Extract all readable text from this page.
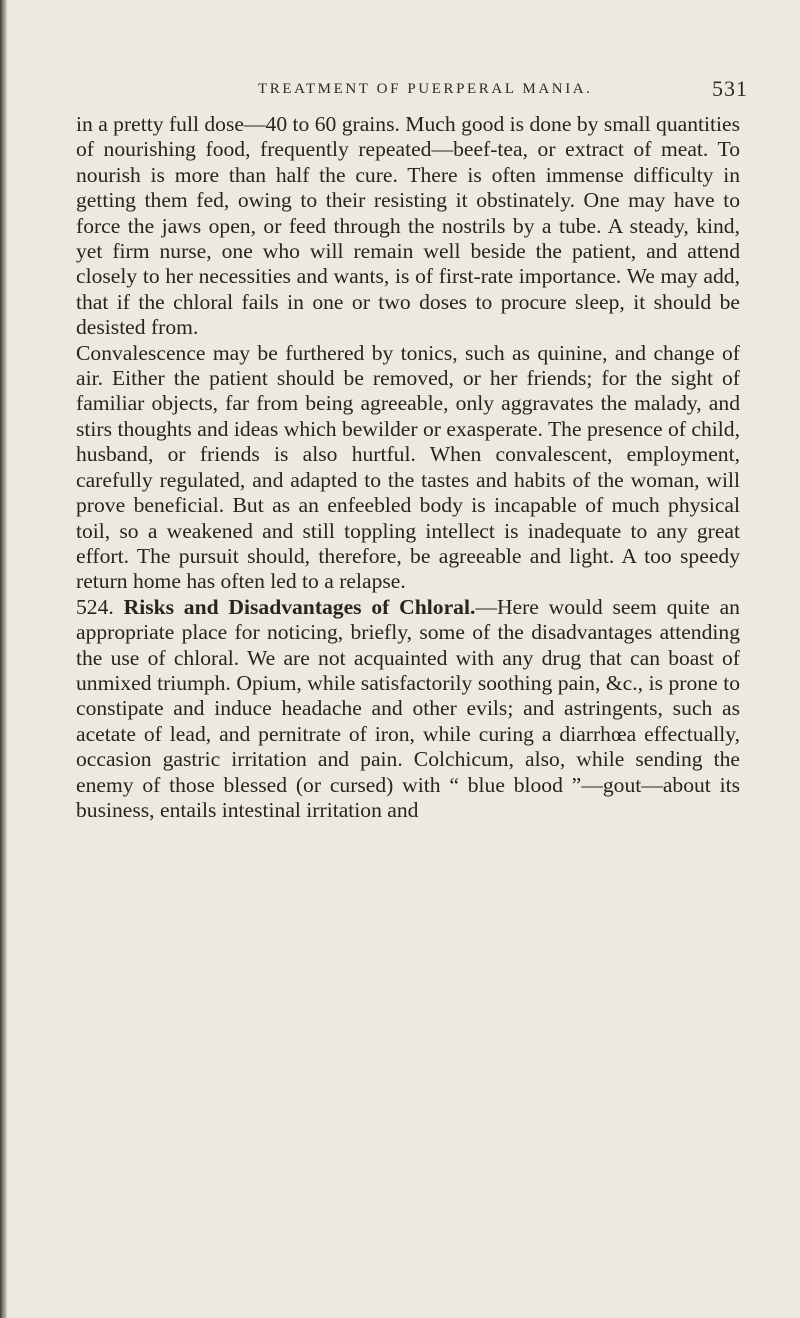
TREATMENT OF PUERPERAL MANIA.	531

in a pretty full dose—40 to 60 grains. Much good is done by small quantities of nourishing food, frequently repeated—beef-tea, or extract of meat. To nourish is more than half the cure. There is often immense difficulty in getting them fed, owing to their resisting it obstinately. One may have to force the jaws open, or feed through the nostrils by a tube. A steady, kind, yet firm nurse, one who will remain well beside the patient, and attend closely to her necessities and wants, is of first-rate importance. We may add, that if the chloral fails in one or two doses to procure sleep, it should be desisted from.

Convalescence may be furthered by tonics, such as quinine, and change of air. Either the patient should be removed, or her friends; for the sight of familiar objects, far from being agreeable, only aggravates the malady, and stirs thoughts and ideas which bewilder or exasperate. The presence of child, husband, or friends is also hurtful. When convalescent, employment, carefully regulated, and adapted to the tastes and habits of the woman, will prove beneficial. But as an enfeebled body is incapable of much physical toil, so a weakened and still toppling intellect is inadequate to any great effort. The pursuit should, therefore, be agreeable and light. A too speedy return home has often led to a relapse.

524. Risks and Disadvantages of Chloral.—Here would seem quite an appropriate place for noticing, briefly, some of the disadvantages attending the use of chloral. We are not acquainted with any drug that can boast of unmixed triumph. Opium, while satisfactorily soothing pain, &c., is prone to constipate and induce headache and other evils; and astringents, such as acetate of lead, and pernitrate of iron, while curing a diarrhœa effectually, occasion gastric irritation and pain. Colchicum, also, while sending the enemy of those blessed (or cursed) with “ blue blood ”—gout—about its business, entails intestinal irritation and
